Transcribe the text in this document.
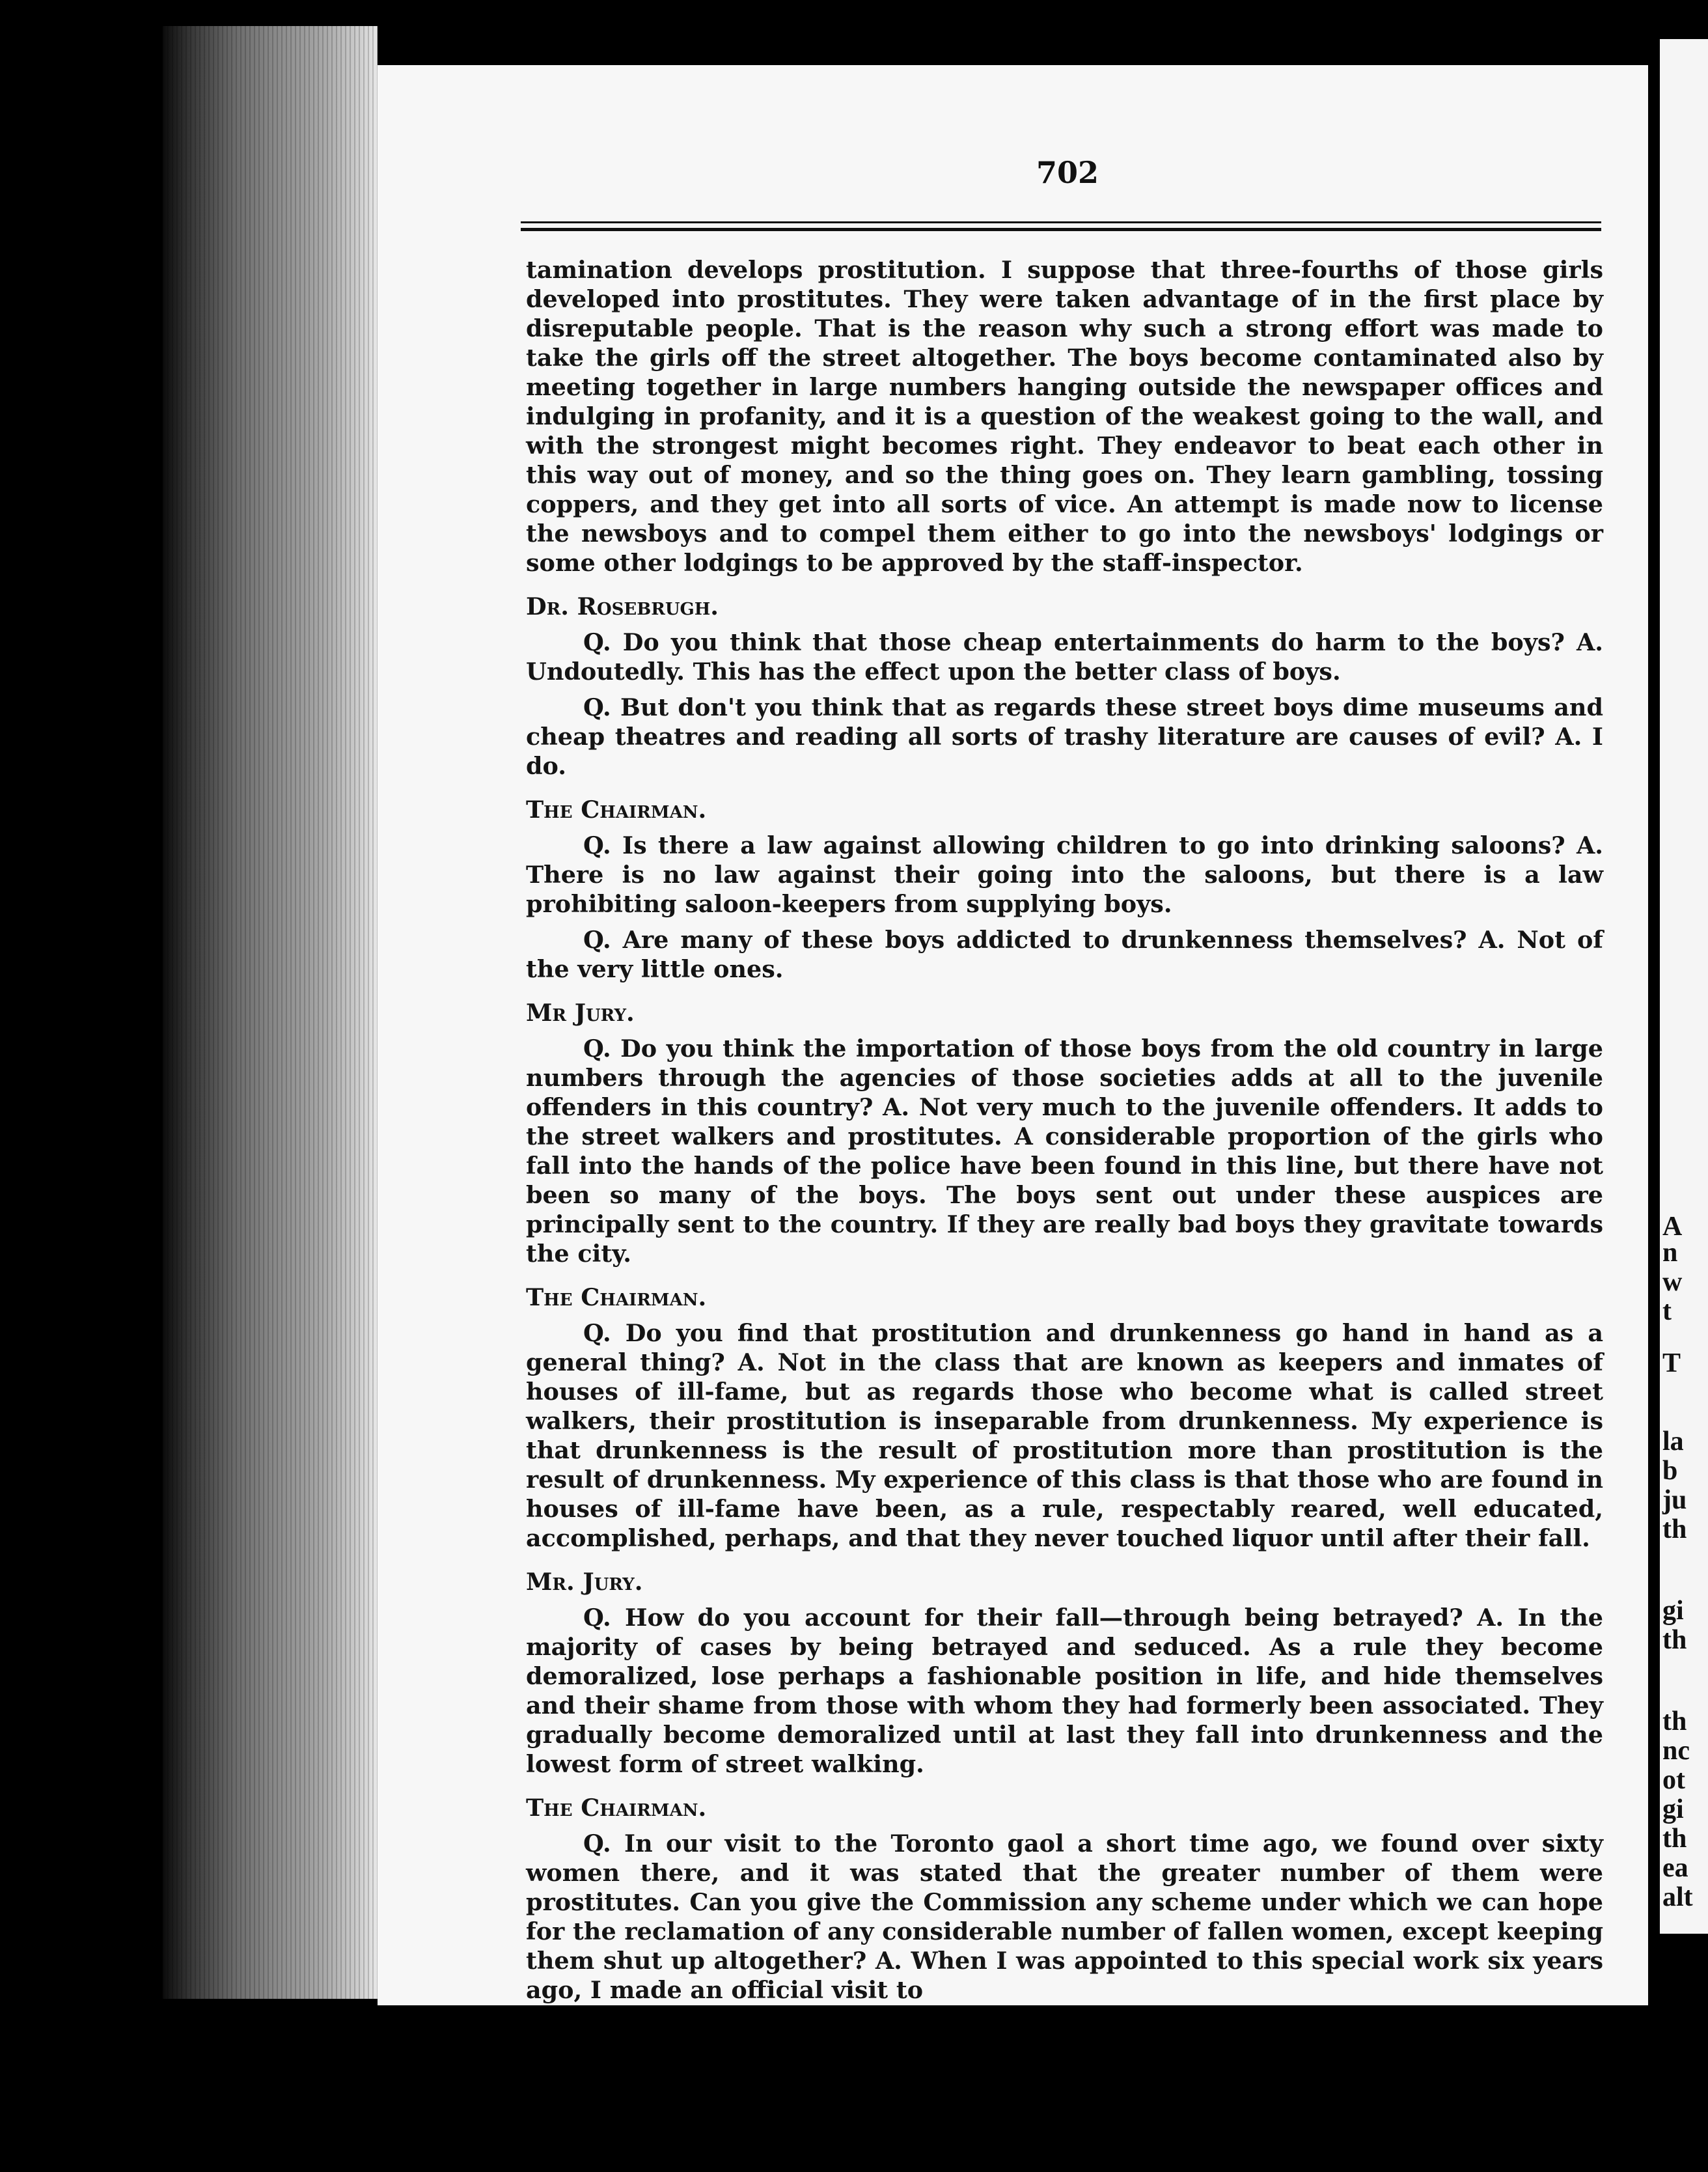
A
n
w
t
T
la
b
ju
th
gi
th
th
nc
ot
gi
th
ea
alt
702

tamination develops prostitution. I suppose that three-fourths of those girls developed into prostitutes. They were taken advantage of in the first place by disreputable people. That is the reason why such a strong effort was made to take the girls off the street altogether. The boys become contaminated also by meeting together in large numbers hanging outside the newspaper offices and indulging in profanity, and it is a question of the weakest going to the wall, and with the strongest might becomes right. They endeavor to beat each other in this way out of money, and so the thing goes on. They learn gambling, tossing coppers, and they get into all sorts of vice. An attempt is made now to license the newsboys and to compel them either to go into the newsboys' lodgings or some other lodgings to be approved by the staff-inspector.

Dr. Rosebrugh.

Q. Do you think that those cheap entertainments do harm to the boys? A. Undoutedly. This has the effect upon the better class of boys.

Q. But don't you think that as regards these street boys dime museums and cheap theatres and reading all sorts of trashy literature are causes of evil? A. I do.

The Chairman.

Q. Is there a law against allowing children to go into drinking saloons? A. There is no law against their going into the saloons, but there is a law prohibiting saloon-keepers from supplying boys.

Q. Are many of these boys addicted to drunkenness themselves? A. Not of the very little ones.

Mr Jury.

Q. Do you think the importation of those boys from the old country in large numbers through the agencies of those societies adds at all to the juvenile offenders in this country? A. Not very much to the juvenile offenders. It adds to the street walkers and prostitutes. A considerable proportion of the girls who fall into the hands of the police have been found in this line, but there have not been so many of the boys. The boys sent out under these auspices are principally sent to the country. If they are really bad boys they gravitate towards the city.

The Chairman.

Q. Do you find that prostitution and drunkenness go hand in hand as a general thing? A. Not in the class that are known as keepers and inmates of houses of ill-fame, but as regards those who become what is called street walkers, their prostitution is inseparable from drunkenness. My experience is that drunkenness is the result of prostitution more than prostitution is the result of drunkenness. My experience of this class is that those who are found in houses of ill-fame have been, as a rule, respectably reared, well educated, accomplished, perhaps, and that they never touched liquor until after their fall.

Mr. Jury.

Q. How do you account for their fall—through being betrayed? A. In the majority of cases by being betrayed and seduced. As a rule they become demoralized, lose perhaps a fashionable position in life, and hide themselves and their shame from those with whom they had formerly been associated. They gradually become demoralized until at last they fall into drunkenness and the lowest form of street walking.

The Chairman.

Q. In our visit to the Toronto gaol a short time ago, we found over sixty women there, and it was stated that the greater number of them were prostitutes. Can you give the Commission any scheme under which we can hope for the reclamation of any considerable number of fallen women, except keeping them shut up altogether? A. When I was appointed to this special work six years ago, I made an official visit to
